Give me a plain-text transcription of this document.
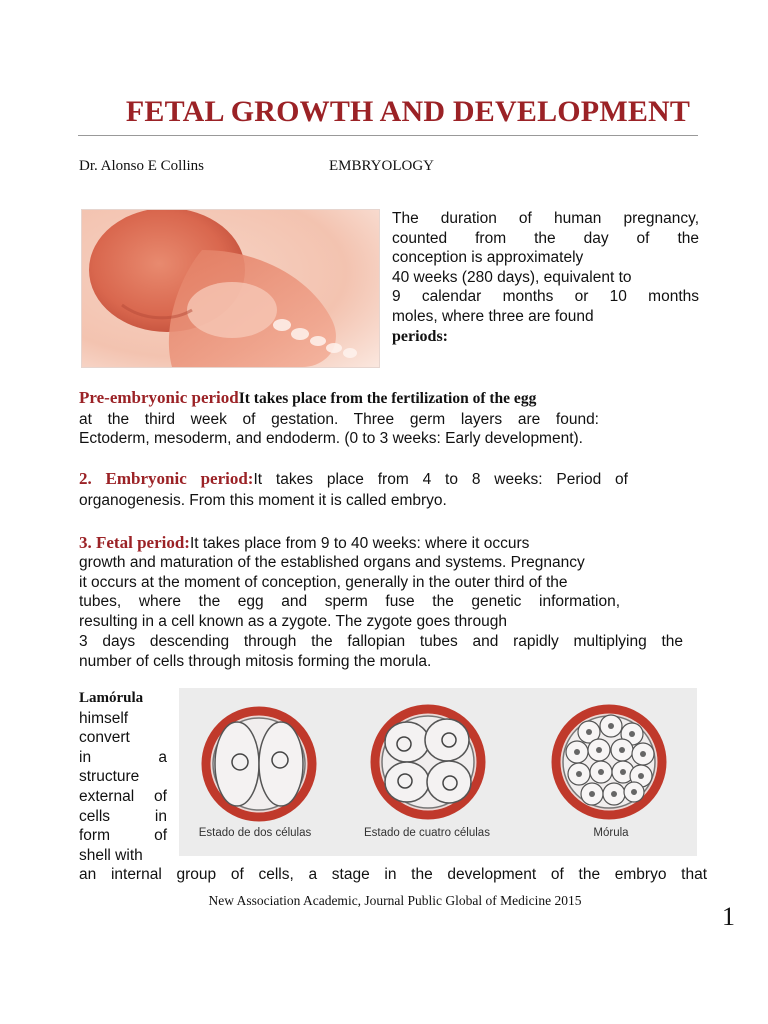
FETAL GROWTH AND DEVELOPMENT
Dr. Alonso E Collins	EMBRYOLOGY
The duration of human pregnancy,
counted from the day of the
conception is approximately
40 weeks (280 days), equivalent to
9 calendar months or 10 months
moles, where three are found
periods:
Pre-embryonic periodIt takes place from the fertilization of the egg
at the third week of gestation. Three germ layers are found:
Ectoderm, mesoderm, and endoderm. (0 to 3 weeks: Early development).
2. Embryonic period:It takes place from 4 to 8 weeks: Period of
organogenesis. From this moment it is called embryo.
3. Fetal period:It takes place from 9 to 40 weeks: where it occurs
growth and maturation of the established organs and systems. Pregnancy
it occurs at the moment of conception, generally in the outer third of the
tubes, where the egg and sperm fuse the genetic information,
resulting in a cell known as a zygote. The zygote goes through
3 days descending through the fallopian tubes and rapidly multiplying the
number of cells through mitosis forming the morula.
Lamórula
himself
convert
in a
structure
external of
cells in
form of
shell with
Estado de dos células	Estado de cuatro células	Mórula
an internal group of cells, a stage in the development of the embryo that
New Association Academic, Journal Public Global of Medicine 2015
1
